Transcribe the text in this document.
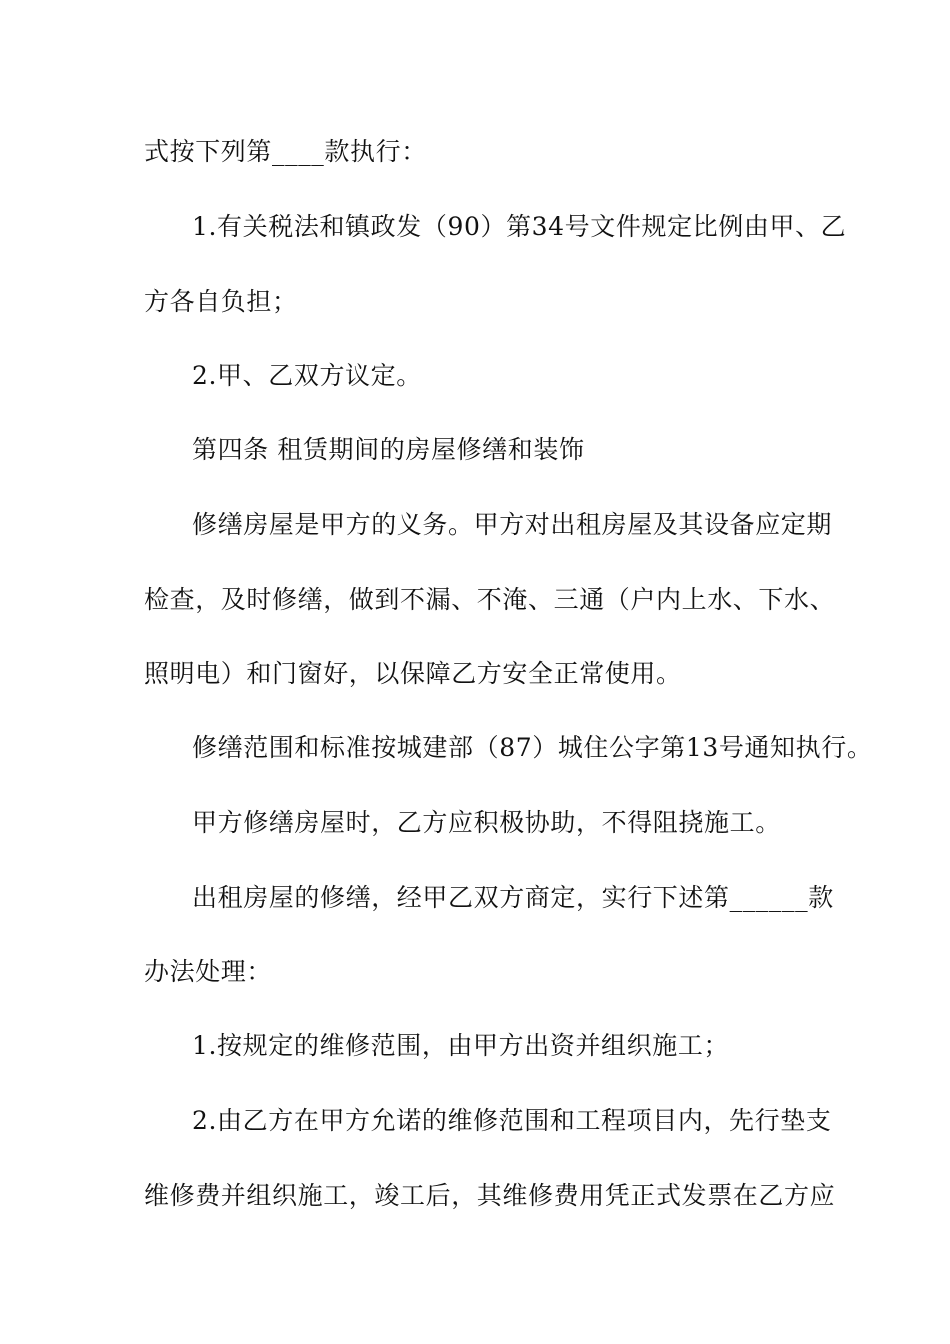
式按下列第____款执行：
1.有关税法和镇政发（90）第34号文件规定比例由甲、乙
方各自负担；
2.甲、乙双方议定。
第四条 租赁期间的房屋修缮和装饰
修缮房屋是甲方的义务。甲方对出租房屋及其设备应定期
检查，及时修缮，做到不漏、不淹、三通（户内上水、下水、
照明电）和门窗好，以保障乙方安全正常使用。
修缮范围和标准按城建部（87）城住公字第13号通知执行。
甲方修缮房屋时，乙方应积极协助，不得阻挠施工。
出租房屋的修缮，经甲乙双方商定，实行下述第______款
办法处理：
1.按规定的维修范围，由甲方出资并组织施工；
2.由乙方在甲方允诺的维修范围和工程项目内，先行垫支
维修费并组织施工，竣工后，其维修费用凭正式发票在乙方应
